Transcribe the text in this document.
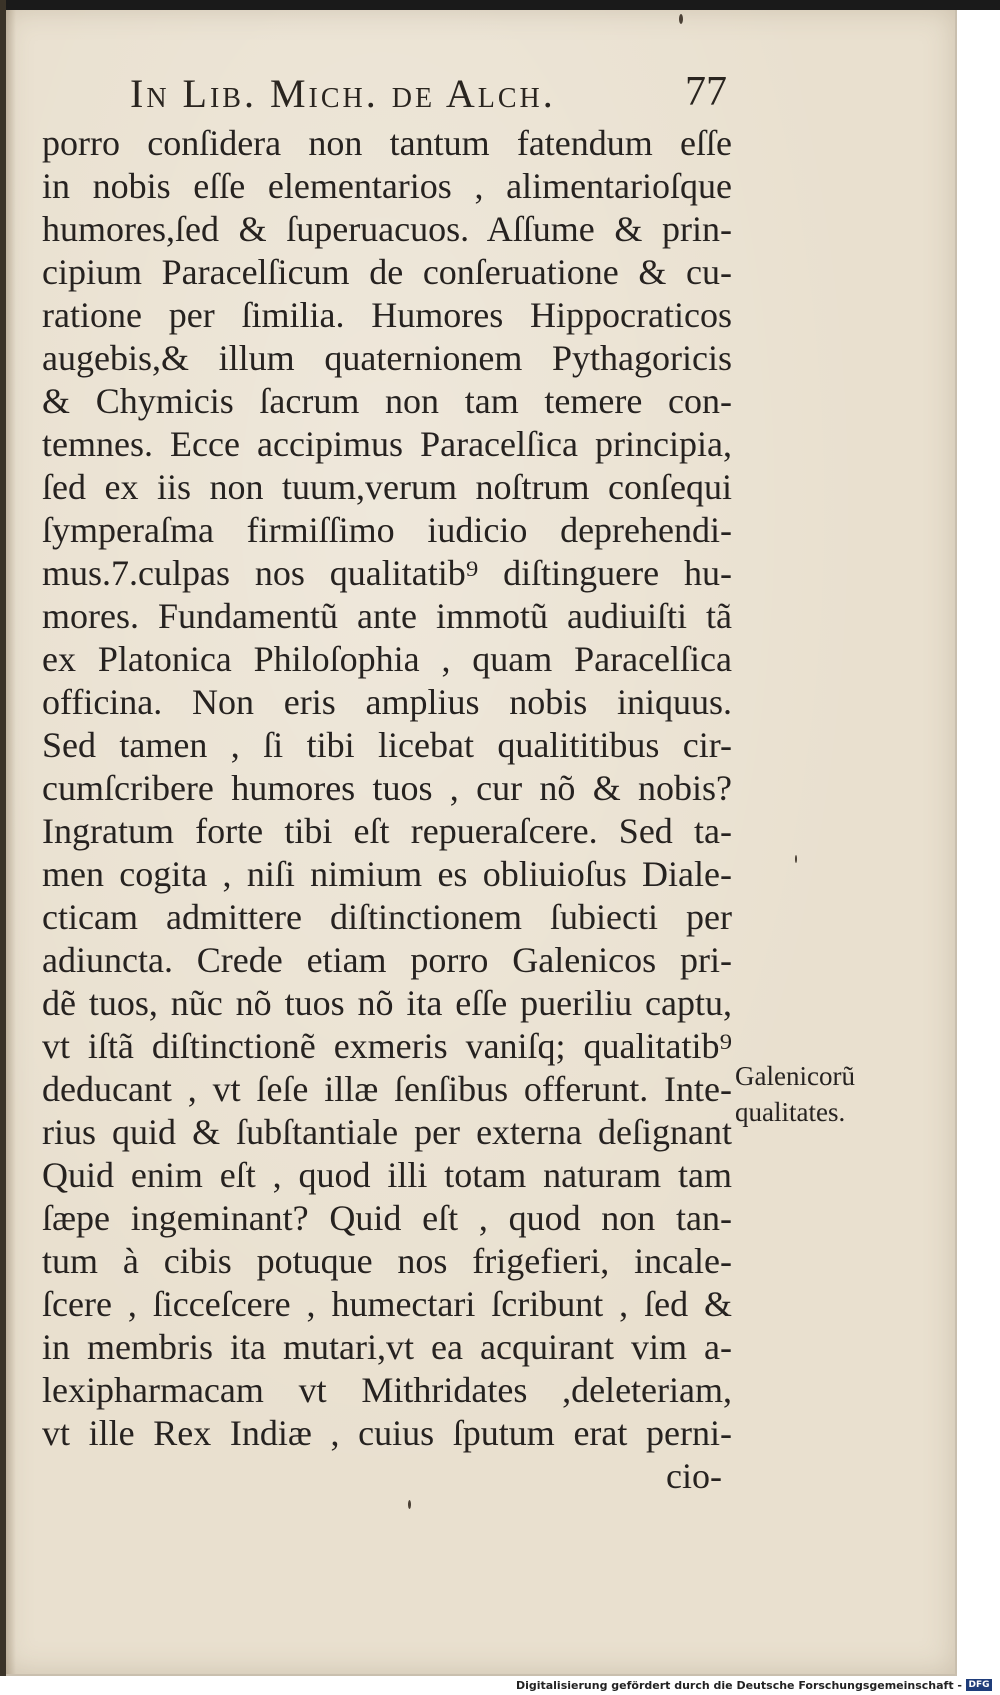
In Lib. Mich. de Alch.	77
porro conſidera non tantum fatendum eſſe
in nobis eſſe elementarios , alimentarioſque
humores,ſed & ſuperuacuos. Aſſume & prin-
cipium Paracelſicum de conſeruatione & cu-
ratione per ſimilia. Humores Hippocraticos
augebis,& illum quaternionem Pythagoricis
& Chymicis ſacrum non tam temere con-
temnes. Ecce accipimus Paracelſica principia,
ſed ex iis non tuum,verum noſtrum conſequi
ſymperaſma firmiſſimo iudicio deprehendi-
mus.7.culpas nos qualitatib⁹ diſtinguere hu-
mores. Fundamentũ ante immotũ audiuiſti tã
ex Platonica Philoſophia , quam Paracelſica
officina. Non eris amplius nobis iniquus.
Sed tamen , ſi tibi licebat qualititibus cir-
cumſcribere humores tuos , cur nõ & nobis?
Ingratum forte tibi eſt repueraſcere. Sed ta-
men cogita , niſi nimium es obliuioſus Diale-
cticam admittere diſtinctionem ſubiecti per
adiuncta. Crede etiam porro Galenicos pri-
dẽ tuos, nũc nõ tuos nõ ita eſſe pueriliu captu,
vt iſtã diſtinctionẽ exmeris vaniſq; qualitatib⁹
deducant , vt ſeſe illæ ſenſibus offerunt. Inte-
rius quid & ſubſtantiale per externa deſignant
Quid enim eſt , quod illi totam naturam tam
ſæpe ingeminant? Quid eſt , quod non tan-
tum à cibis potuque nos frigefieri, incale-
ſcere , ſicceſcere , humectari ſcribunt , ſed &
in membris ita mutari,vt ea acquirant vim a-
lexipharmacam vt Mithridates ,deleteriam,
vt ille Rex Indiæ , cuius ſputum erat perni-
cio-
Galenicorũ
qualitates.
Digitalisierung gefördert durch die Deutsche Forschungsgemeinschaft - DFG
